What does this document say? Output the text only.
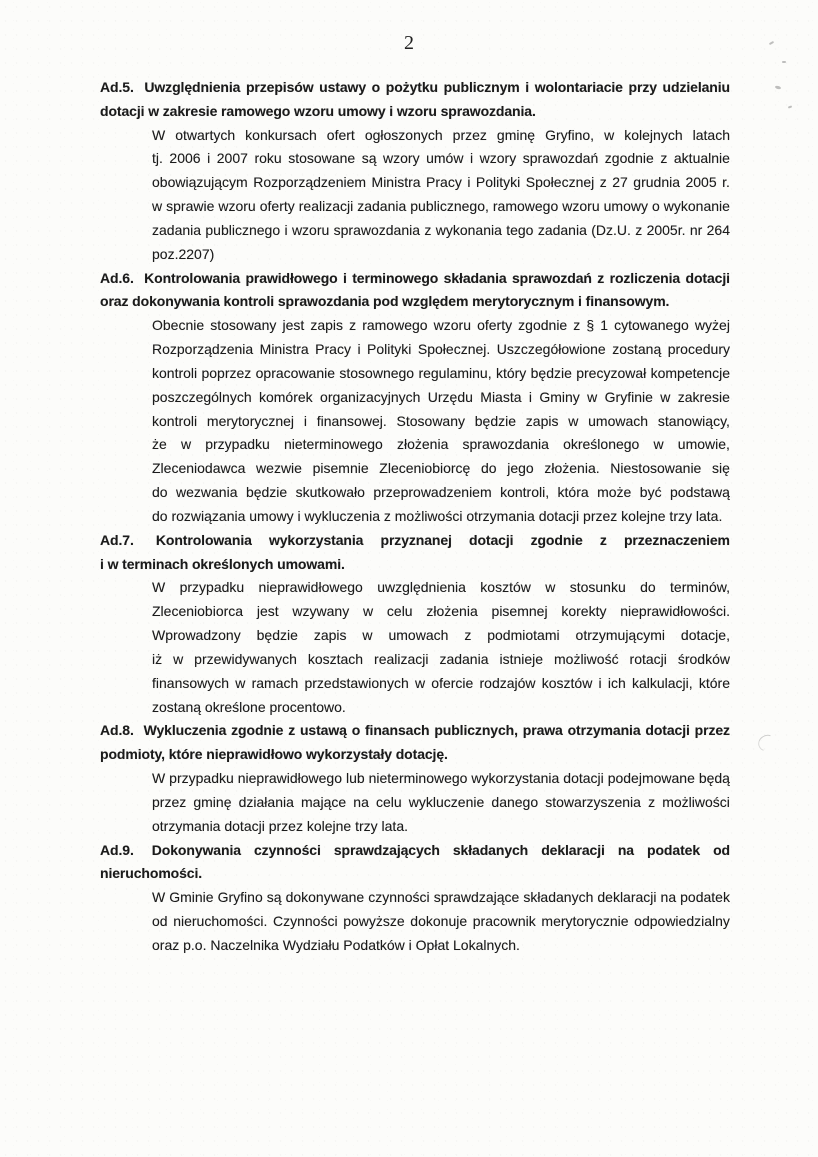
2
Ad.5. Uwzględnienia przepisów ustawy o pożytku publicznym i wolontariacie przy udzielaniu
dotacji w zakresie ramowego wzoru umowy i wzoru sprawozdania.
W otwartych konkursach ofert ogłoszonych przez gminę Gryfino, w kolejnych latach
tj. 2006 i 2007 roku stosowane są wzory umów i wzory sprawozdań zgodnie z aktualnie
obowiązującym Rozporządzeniem Ministra Pracy i Polityki Społecznej z 27 grudnia 2005 r.
w sprawie wzoru oferty realizacji zadania publicznego, ramowego wzoru umowy o wykonanie
zadania publicznego i wzoru sprawozdania z wykonania tego zadania (Dz.U. z 2005r. nr 264
poz.2207)
Ad.6. Kontrolowania prawidłowego i terminowego składania sprawozdań z rozliczenia dotacji
oraz dokonywania kontroli sprawozdania pod względem merytorycznym i finansowym.
Obecnie stosowany jest zapis z ramowego wzoru oferty zgodnie z § 1 cytowanego wyżej
Rozporządzenia Ministra Pracy i Polityki Społecznej. Uszczegółowione zostaną procedury
kontroli poprzez opracowanie stosownego regulaminu, który będzie precyzował kompetencje
poszczególnych komórek organizacyjnych Urzędu Miasta i Gminy w Gryfinie w zakresie
kontroli merytorycznej i finansowej. Stosowany będzie zapis w umowach stanowiący,
że w przypadku nieterminowego złożenia sprawozdania określonego w umowie,
Zleceniodawca wezwie pisemnie Zleceniobiorcę do jego złożenia. Niestosowanie się
do wezwania będzie skutkowało przeprowadzeniem kontroli, która może być podstawą
do rozwiązania umowy i wykluczenia z możliwości otrzymania dotacji przez kolejne trzy lata.
Ad.7. Kontrolowania wykorzystania przyznanej dotacji zgodnie z przeznaczeniem
i w terminach określonych umowami.
W przypadku nieprawidłowego uwzględnienia kosztów w stosunku do terminów,
Zleceniobiorca jest wzywany w celu złożenia pisemnej korekty nieprawidłowości.
Wprowadzony będzie zapis w umowach z podmiotami otrzymującymi dotacje,
iż w przewidywanych kosztach realizacji zadania istnieje możliwość rotacji środków
finansowych w ramach przedstawionych w ofercie rodzajów kosztów i ich kalkulacji, które
zostaną określone procentowo.
Ad.8. Wykluczenia zgodnie z ustawą o finansach publicznych, prawa otrzymania dotacji przez
podmioty, które nieprawidłowo wykorzystały dotację.
W przypadku nieprawidłowego lub nieterminowego wykorzystania dotacji podejmowane będą
przez gminę działania mające na celu wykluczenie danego stowarzyszenia z możliwości
otrzymania dotacji przez kolejne trzy lata.
Ad.9. Dokonywania czynności sprawdzających składanych deklaracji na podatek od
nieruchomości.
W Gminie Gryfino są dokonywane czynności sprawdzające składanych deklaracji na podatek
od nieruchomości. Czynności powyższe dokonuje pracownik merytorycznie odpowiedzialny
oraz p.o. Naczelnika Wydziału Podatków i Opłat Lokalnych.
